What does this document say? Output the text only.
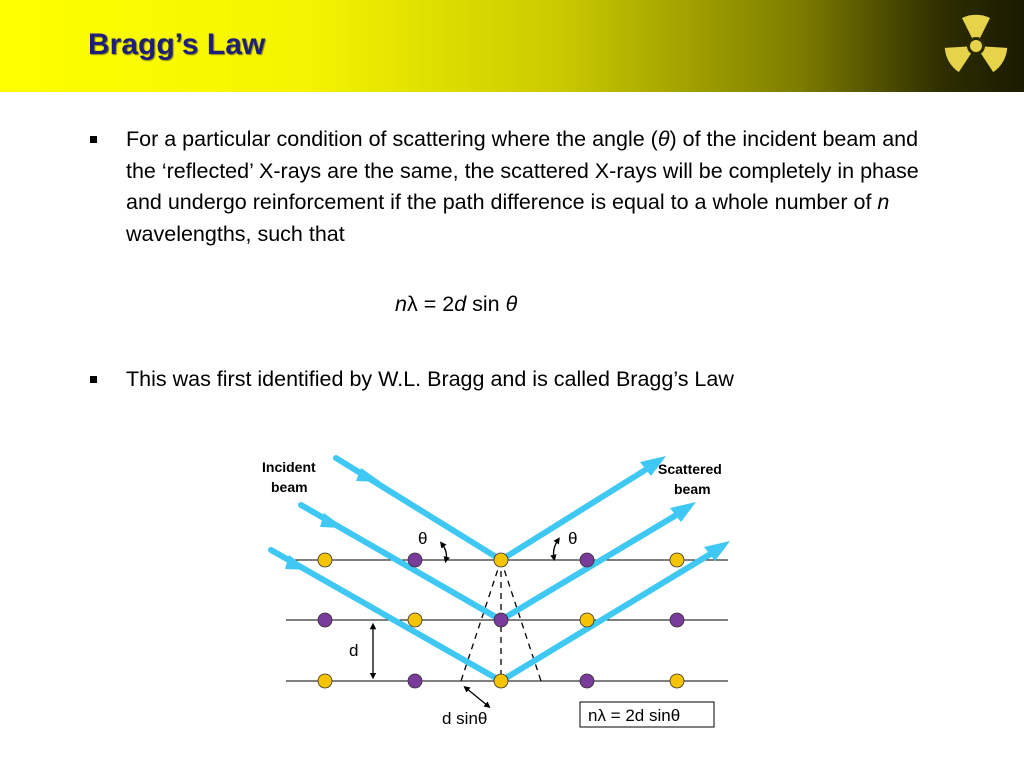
Bragg’s Law
For a particular condition of scattering where the angle (θ) of the incident beam and the ‘reflected’ X-rays are the same, the scattered X-rays will be completely in phase and undergo reinforcement if the path difference is equal to a whole number of n wavelengths, such that
nλ = 2d sin θ
This was first identified by W.L. Bragg and is called Bragg’s Law
Incident
beam
Scattered
beam
θ	θ
d
d sinθ	nλ = 2d sinθ
